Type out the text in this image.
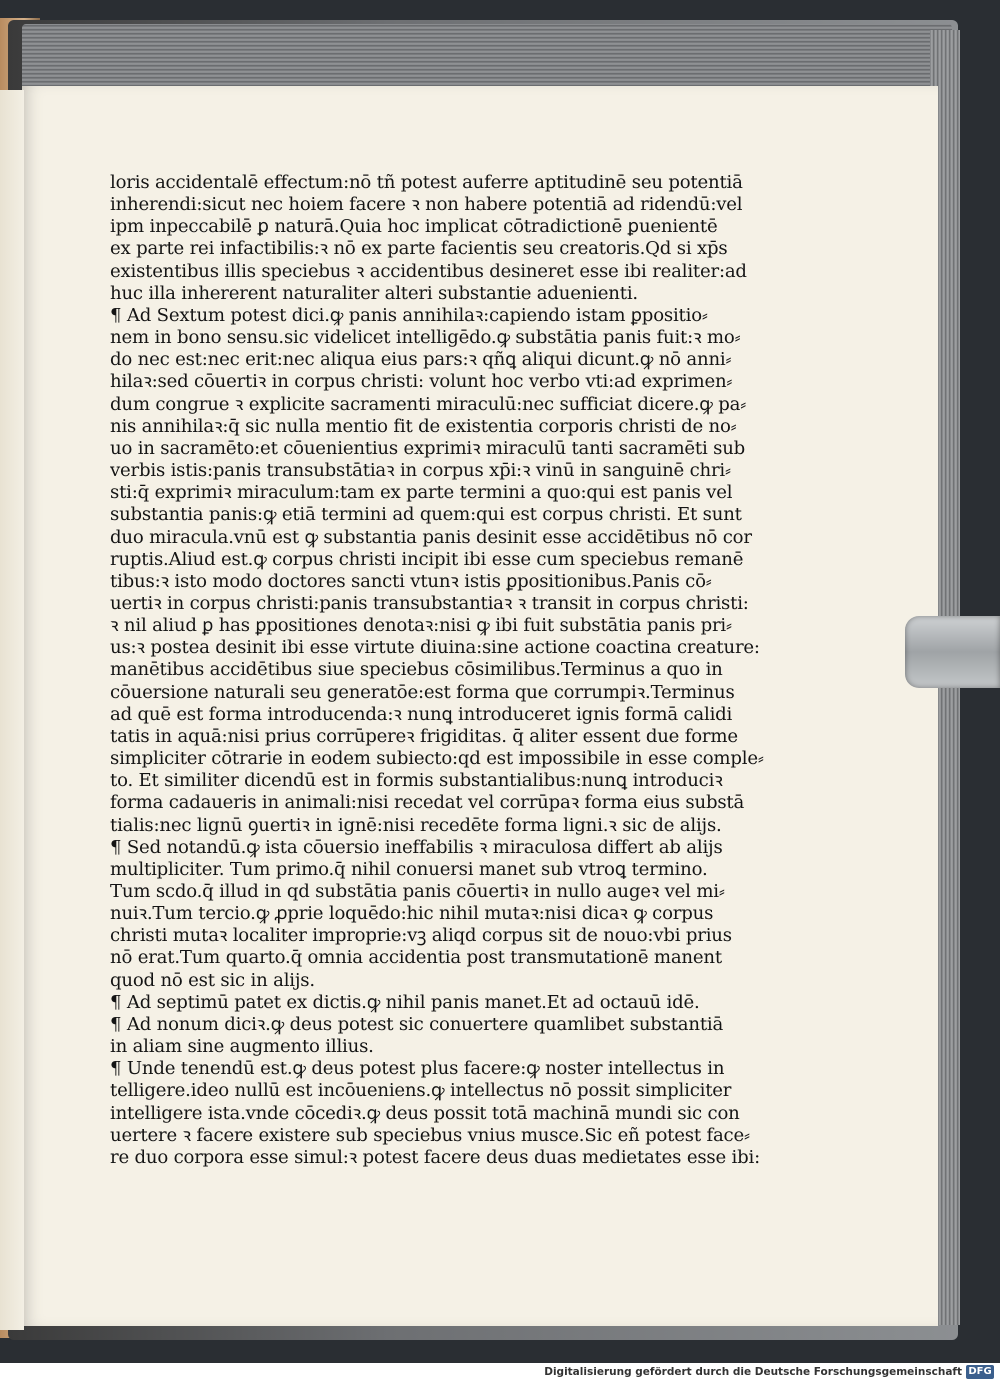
loris accidentalē effectum:nō tñ potest auferre aptitudinē seu potentiā
inherendi:sicut nec hoiem facere ꝛ non habere potentiā ad ridendū:vel
ipm inpeccabilē ꝑ naturā.Quia hoc implicat cōtradictionē ꝑuenientē
ex parte rei infactibilis:ꝛ nō ex parte facientis seu creatoris.Qd si xp̄s
existentibus illis speciebus ꝛ accidentibus desineret esse ibi realiter:ad
huc illa inhererent naturaliter alteri substantie aduenienti.
¶ Ad Sextum potest dici.ꝙ panis annihilaꝛ:capiendo istam ꝑpositio⸗
nem in bono sensu.sic videlicet intelligēdo.ꝙ substātia panis fuit:ꝛ mo⸗
do nec est:nec erit:nec aliqua eius pars:ꝛ qñꝗ aliqui dicunt.ꝙ nō anni⸗
hilaꝛ:sed cōuertiꝛ in corpus christi: volunt hoc verbo vti:ad exprimen⸗
dum congrue ꝛ explicite sacramenti miraculū:nec sufficiat dicere.ꝙ pa⸗
nis annihilaꝛ:q̄ sic nulla mentio fit de existentia corporis christi de no⸗
uo in sacramēto:et cōuenientius exprimiꝛ miraculū tanti sacramēti sub
verbis istis:panis transubstātiaꝛ in corpus xp̄i:ꝛ vinū in sanguinē chri⸗
sti:q̄ exprimiꝛ miraculum:tam ex parte termini a quo:qui est panis vel
substantia panis:ꝙ etiā termini ad quem:qui est corpus christi. Et sunt
duo miracula.vnū est ꝙ substantia panis desinit esse accidētibus nō cor
ruptis.Aliud est.ꝙ corpus christi incipit ibi esse cum speciebus remanē
tibus:ꝛ isto modo doctores sancti vtunꝛ istis ꝑpositionibus.Panis cō⸗
uertiꝛ in corpus christi:panis transubstantiaꝛ ꝛ transit in corpus christi:
ꝛ nil aliud ꝑ has ꝑpositiones denotaꝛ:nisi ꝙ ibi fuit substātia panis pri⸗
us:ꝛ postea desinit ibi esse virtute diuina:sine actione coactina creature:
manētibus accidētibus siue speciebus cōsimilibus.Terminus a quo in
cōuersione naturali seu generatōe:est forma que corrumpiꝛ.Terminus
ad quē est forma introducenda:ꝛ nunꝗ introduceret ignis formā calidi
tatis in aquā:nisi prius corrūpereꝛ frigiditas. q̄ aliter essent due forme
simpliciter cōtrarie in eodem subiecto:qd est impossibile in esse comple⸗
to. Et similiter dicendū est in formis substantialibus:nunꝗ introduciꝛ
forma cadaueris in animali:nisi recedat vel corrūpaꝛ forma eius substā
tialis:nec lignū ꝯuertiꝛ in ignē:nisi recedēte forma ligni.ꝛ sic de alijs.
¶ Sed notandū.ꝙ ista cōuersio ineffabilis ꝛ miraculosa differt ab alijs
multipliciter. Tum primo.q̄ nihil conuersi manet sub vtroꝗ termino.
Tum scd̄o.q̄ illud in qd substātia panis cōuertiꝛ in nullo augeꝛ vel mi⸗
nuiꝛ.Tum tercio.ꝙ ꝓprie loquēdo:hic nihil mutaꝛ:nisi dicaꝛ ꝙ corpus
christi mutaꝛ localiter improprie:vꝫ aliqd corpus sit de nouo:vbi prius
nō erat.Tum quarto.q̄ omnia accidentia post transmutationē manent
quod nō est sic in alijs.
¶ Ad septimū patet ex dictis.ꝙ nihil panis manet.Et ad octauū idē.
¶ Ad nonum diciꝛ.ꝙ deus potest sic conuertere quamlibet substantiā
in aliam sine augmento illius.
¶ Unde tenendū est.ꝙ deus potest plus facere:ꝙ noster intellectus in
telligere.ideo nullū est incōueniens.ꝙ intellectus nō possit simpliciter
intelligere ista.vnde cōcediꝛ.ꝙ deus possit totā machinā mundi sic con
uertere ꝛ facere existere sub speciebus vnius musce.Sic eñ potest face⸗
re duo corpora esse simul:ꝛ potest facere deus duas medietates esse ibi:
Digitalisierung gefördert durch die Deutsche Forschungsgemeinschaft DFG
